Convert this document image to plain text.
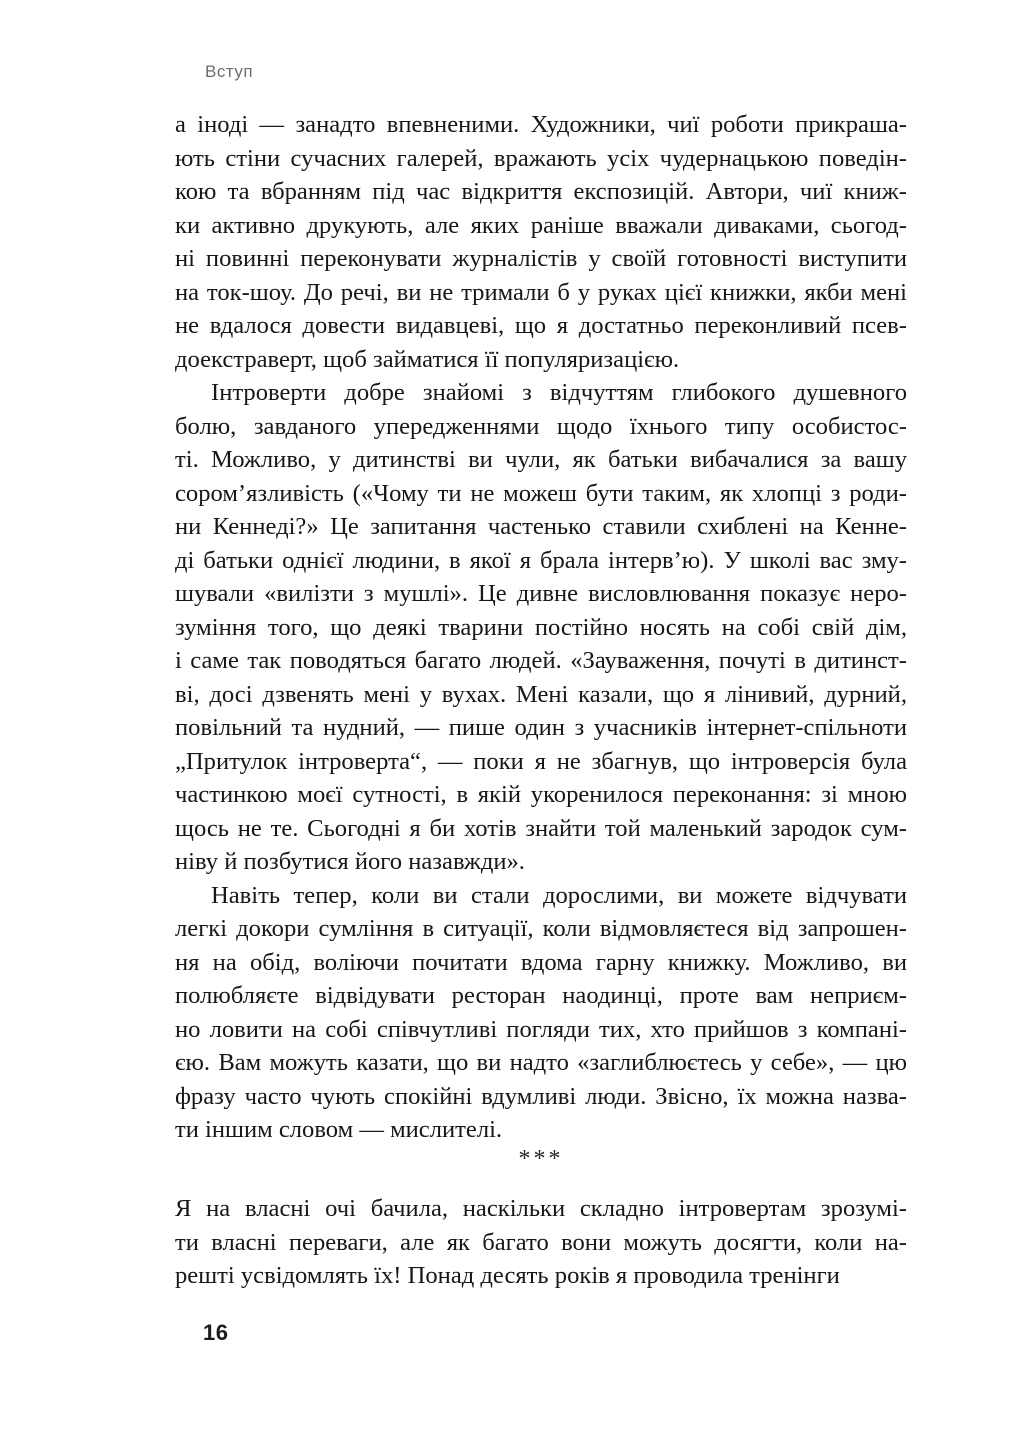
Вступ

а іноді — занадто впевненими. Художники, чиї роботи прикраша-
ють стіни сучасних галерей, вражають усіх чудернацькою поведін-
кою та вбранням під час відкриття експозицій. Автори, чиї книж-
ки активно друкують, але яких раніше вважали диваками, сьогод-
ні повинні переконувати журналістів у своїй готовності виступити
на ток-шоу. До речі, ви не тримали б у руках цієї книжки, якби мені
не вдалося довести видавцеві, що я достатньо переконливий псев-
доекстраверт, щоб займатися її популяризацією.

Інтроверти добре знайомі з відчуттям глибокого душевного
болю, завданого упередженнями щодо їхнього типу особистос-
ті. Можливо, у дитинстві ви чули, як батьки вибачалися за вашу
сором’язливість («Чому ти не можеш бути таким, як хлопці з роди-
ни Кеннеді?» Це запитання частенько ставили схиблені на Кенне-
ді батьки однієї людини, в якої я брала інтерв’ю). У школі вас зму-
шували «вилізти з мушлі». Це дивне висловлювання показує неро-
зуміння того, що деякі тварини постійно носять на собі свій дім,
і саме так поводяться багато людей. «Зауваження, почуті в дитинст-
ві, досі дзвенять мені у вухах. Мені казали, що я лінивий, дурний,
повільний та нудний, — пише один з учасників інтернет-спільноти
„Притулок інтроверта“, — поки я не збагнув, що інтроверсія була
частинкою моєї сутності, в якій укоренилося переконання: зі мною
щось не те. Сьогодні я би хотів знайти той маленький зародок сум-
ніву й позбутися його назавжди».

Навіть тепер, коли ви стали дорослими, ви можете відчувати
легкі докори сумління в ситуації, коли відмовляєтеся від запрошен-
ня на обід, воліючи почитати вдома гарну книжку. Можливо, ви
полюбляєте відвідувати ресторан наодинці, проте вам неприєм-
но ловити на собі співчутливі погляди тих, хто прийшов з компані-
єю. Вам можуть казати, що ви надто «заглиблюєтесь у себе», — цю
фразу часто чують спокійні вдумливі люди. Звісно, їх можна назва-
ти іншим словом — мислителі.

***

Я на власні очі бачила, наскільки складно інтровертам зрозумі-
ти власні переваги, але як багато вони можуть досягти, коли на-
решті усвідомлять їх! Понад десять років я проводила тренінги

16
